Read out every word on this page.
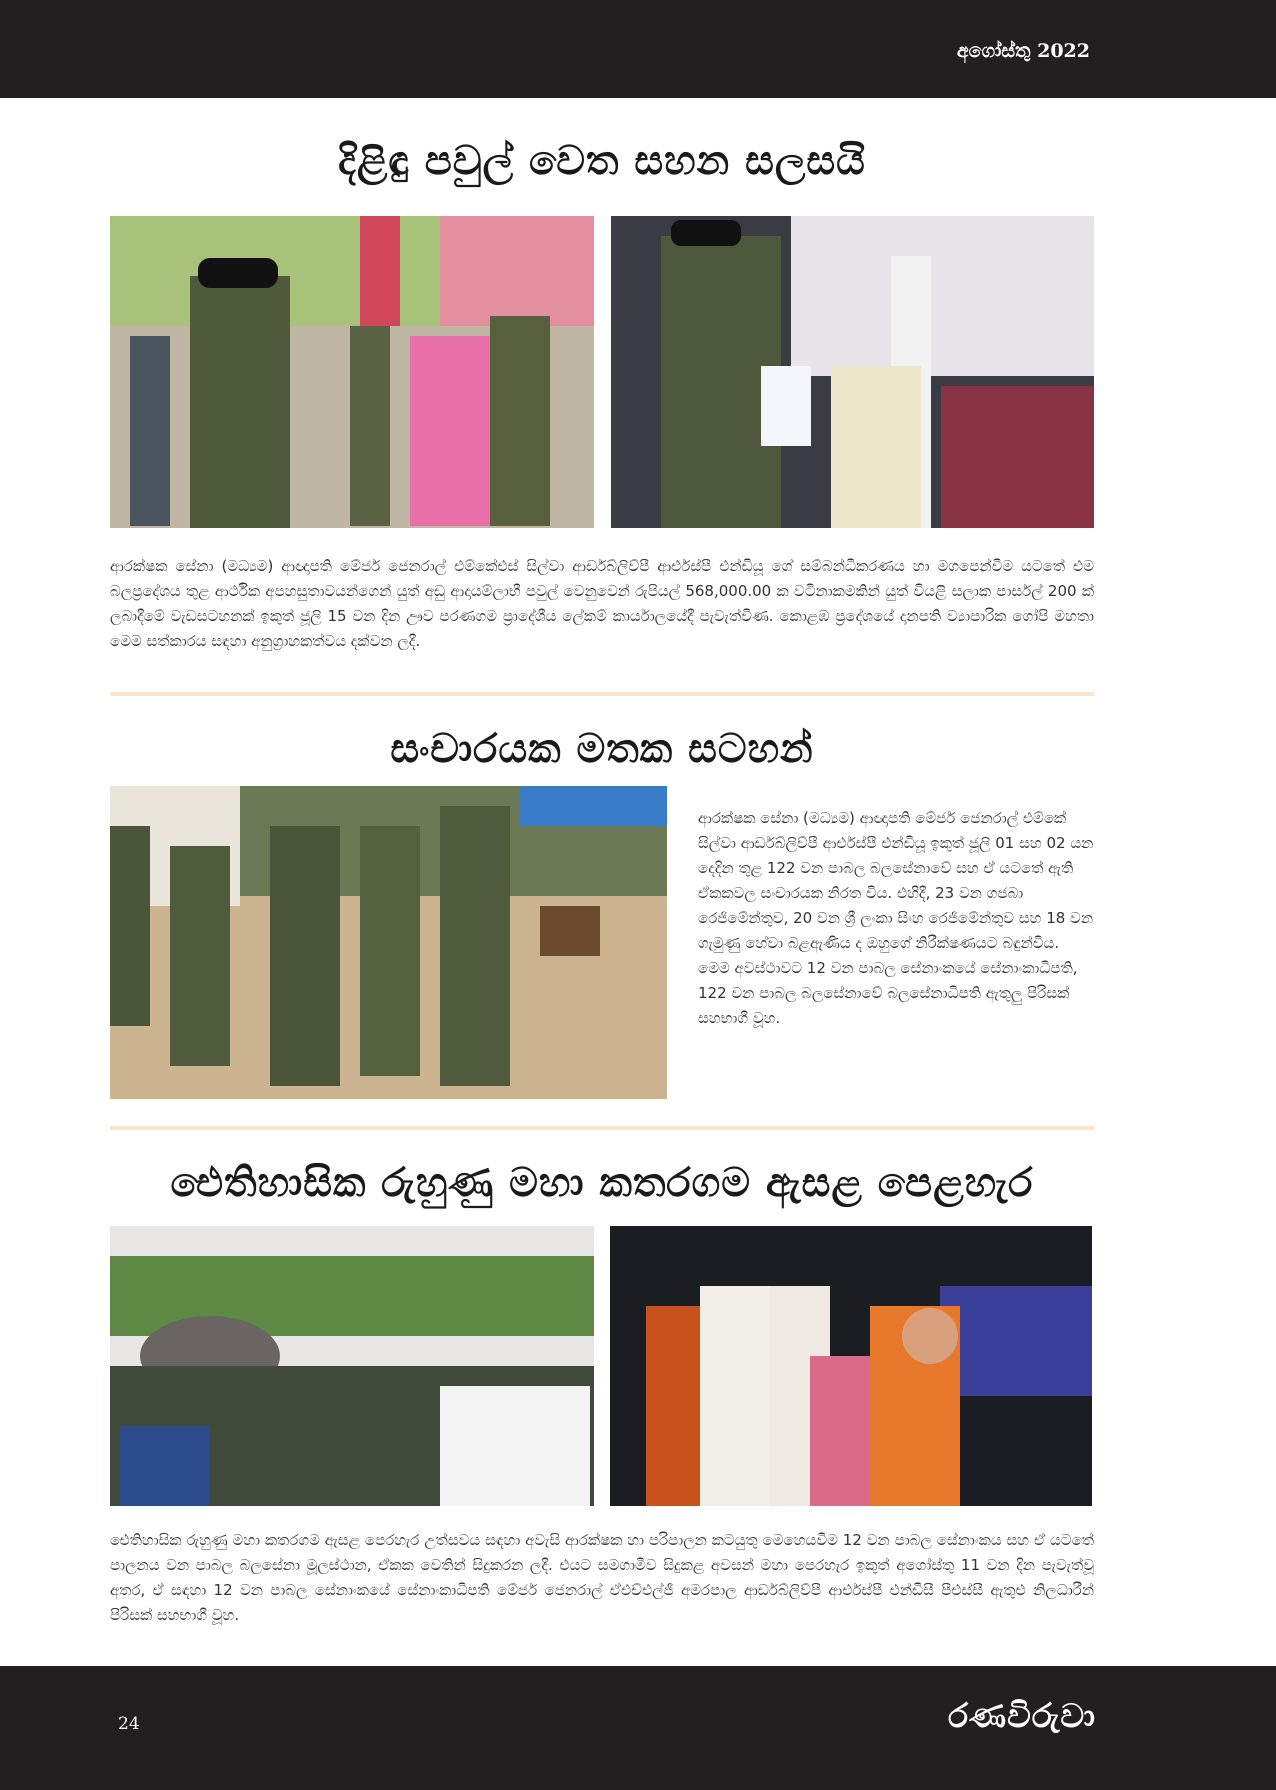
අගෝස්තු 2022
දිළිඳු පවුල් වෙත සහන සලසයි

ආරක්ෂක සේනා (මධ්‍යම) ආඥාපති මේජර් ජෙනරාල් එම්කේඑස් සිල්වා ආර්ඩබ්ලිව්පී ආර්එස්පී එන්ඩියූ ගේ සම්බන්ධීකරණය හා මගපෙන්වීම යටතේ එම බලප්‍රදේශය තුළ ආර්ථික අපහසුතාවයන්ගෙන් යුත් අඩු ආදායම්ලාභී පවුල් වෙනුවෙන් රුපියල් 568,000.00 ක වටිනාකමකින් යුත් වියළි සලාක පාර්සල් 200 ක් ලබාදීමේ වැඩසටහනක් ඉකුත් ජූලි 15 වන දින ඌව පරණගම ප්‍රාදේශීය ලේකම් කාර්යාලයේදී පැවැත්විණ. කොළඹ ප්‍රදේශයේ දානපති ව්‍යාපාරික ගෝපි මහතා මෙම සත්කාරය සඳහා අනුග්‍රාහකත්වය දක්වන ලදී.

සංචාරයක මතක සටහන්

ආරක්ෂක සේනා (මධ්‍යම) ආඥාපති මේජර් ජෙනරාල් එම්කේ සිල්වා ආර්ඩබ්ලිව්පී ආර්එස්පී එන්ඩියූ ඉකුත් ජූලි 01 සහ 02 යන දෙදින තුළ 122 වන පාබල බලසේනාවේ සහ ඒ යටතේ ඇති ඒකකවල සංචාරයක නිරත විය. එහිදී, 23 වන ගජබා රෙජිමේන්තුව, 20 වන ශ්‍රී ලංකා සිංහ රෙජිමේන්තුව සහ 18 වන ගැමුණු හේවා බළඇණිය ද ඔහුගේ නිරීක්ෂණයට බඳුන්විය. මෙම අවස්ථාවට 12 වන පාබල සේනාංකයේ සේනාංකාධිපති, 122 වන පාබල බලසේනාවේ බලසේනාධිපති ඇතුලු පිරිසක් සහභාගී වූහ.

ඓතිහාසික රුහුණු මහා කතරගම ඇසළ පෙළහැර

ඓතිහාසික රුහුණු මහා කතරගම ඇසළ පෙරහැර උත්සවය සඳහා අවැසි ආරක්ෂක හා පරිපාලන කටයුතු මෙහෙයවීම 12 වන පාබල සේනාංකය සහ ඒ යටතේ පාලනය වන පාබල බලසේනා මූලස්ථාන, ඒකක වෙතින් සිදුකරන ලදී. එයට සමගාමීව සිදුකළ අවසන් මහා පෙරහැර ඉකුත් අගෝස්තු 11 වන දින පැවැත්වූ අතර, ඒ සඳහා 12 වන පාබල සේනාංකයේ සේනාංකාධිපති මේජර් ජෙනරාල් ඒඑච්එල්ජී අමරපාල ආර්ඩබ්ලිව්පී ආර්එස්පී එන්ඩීසී පීඑස්සී ඇතුළු නිලධාරීන් පිරිසක් සහභාගී වූහ.

24	රණවිරුවා
